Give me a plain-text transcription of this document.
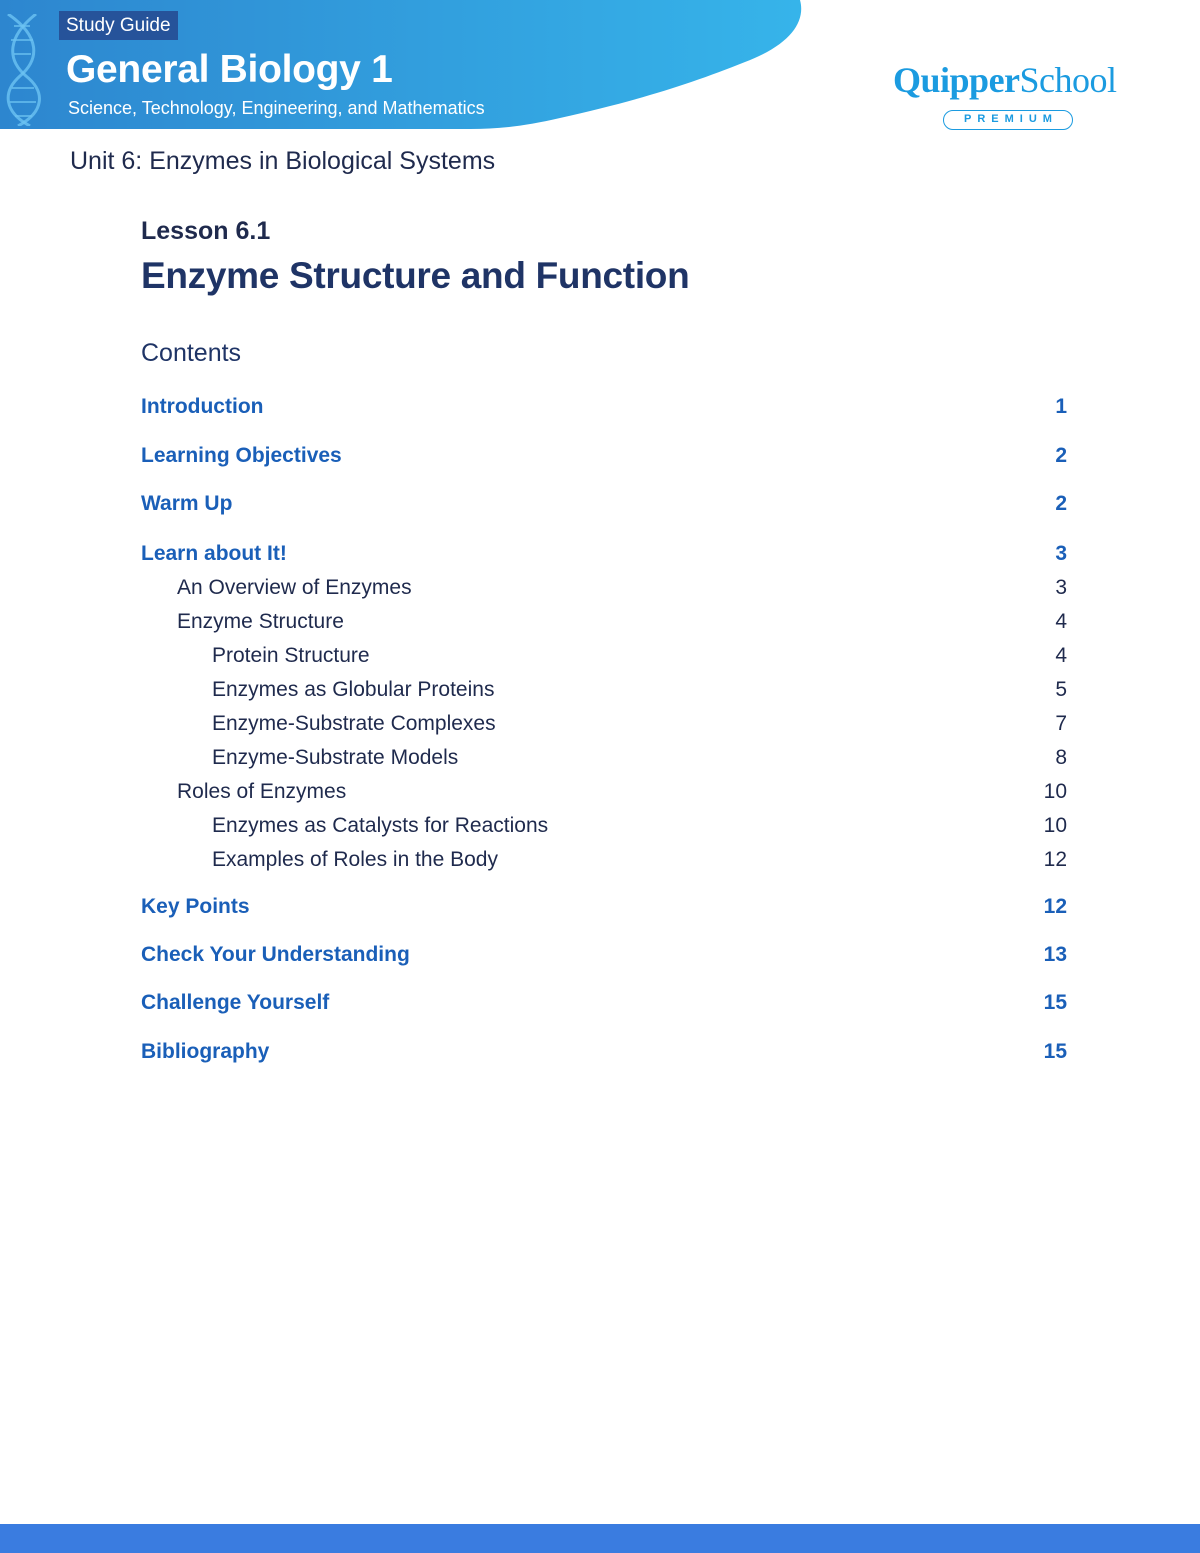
Study Guide
General Biology 1
Science, Technology, Engineering, and Mathematics
QuipperSchool
PREMIUM
Unit 6: Enzymes in Biological Systems
Lesson 6.1
Enzyme Structure and Function
Contents
Introduction	1
Learning Objectives	2
Warm Up	2
Learn about It!	3
An Overview of Enzymes	3
Enzyme Structure	4
Protein Structure	4
Enzymes as Globular Proteins	5
Enzyme-Substrate Complexes	7
Enzyme-Substrate Models	8
Roles of Enzymes	10
Enzymes as Catalysts for Reactions	10
Examples of Roles in the Body	12
Key Points	12
Check Your Understanding	13
Challenge Yourself	15
Bibliography	15
